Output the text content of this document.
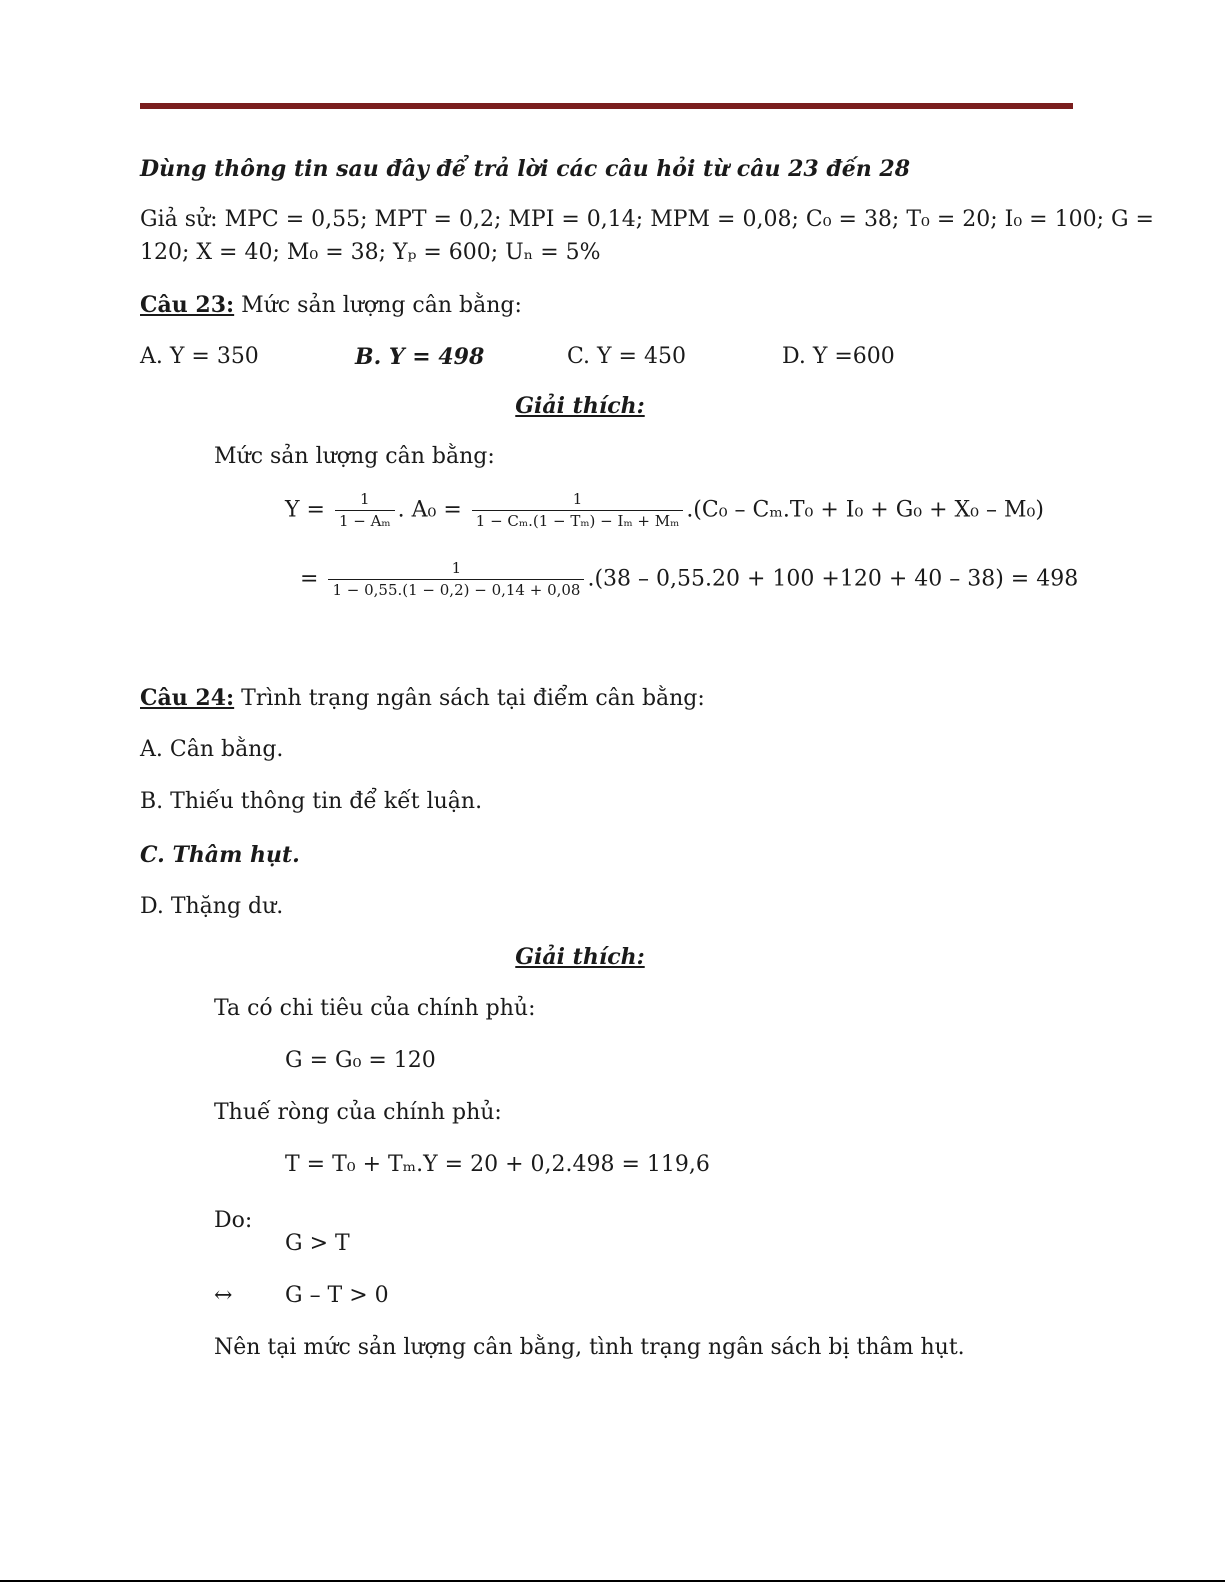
Dùng thông tin sau đây để trả lời các câu hỏi từ câu 23 đến 28
Giả sử: MPC = 0,55; MPT = 0,2; MPI = 0,14; MPM = 0,08; C₀ = 38; T₀ = 20; I₀ = 100; G =
120; X = 40; M₀ = 38; Yₚ = 600; Uₙ = 5%
Câu 23: Mức sản lượng cân bằng:
A. Y = 350	B. Y = 498	C. Y = 450	D. Y =600
Giải thích:
Mức sản lượng cân bằng:
$Y = \frac{1}{\text{1 − Aₘ}}$ . $A_0 = \frac{1}{\text{1 − Cₘ.(1 − Tₘ) − Iₘ + Mₘ}} .(C_0 - C_m.T_0 + I_0 + G_0 + X_0 - M_0)$
= $\frac{1}{1 - 0,55.(1 - 0,2) - 0,14 + 0,08} .(38 - 0,55.20 + 100 +120 + 40 - 38) = 498$
Câu 24: Trình trạng ngân sách tại điểm cân bằng:
A. Cân bằng.
B. Thiếu thông tin để kết luận.
C. Thâm hụt.
D. Thặng dư.
Giải thích:
Ta có chi tiêu của chính phủ:
G = G₀ = 120
Thuế ròng của chính phủ:
T = T₀ + Tₘ.Y = 20 + 0,2.498 = 119,6
Do:
G > T
↔ G – T > 0
Nên tại mức sản lượng cân bằng, tình trạng ngân sách bị thâm hụt.
